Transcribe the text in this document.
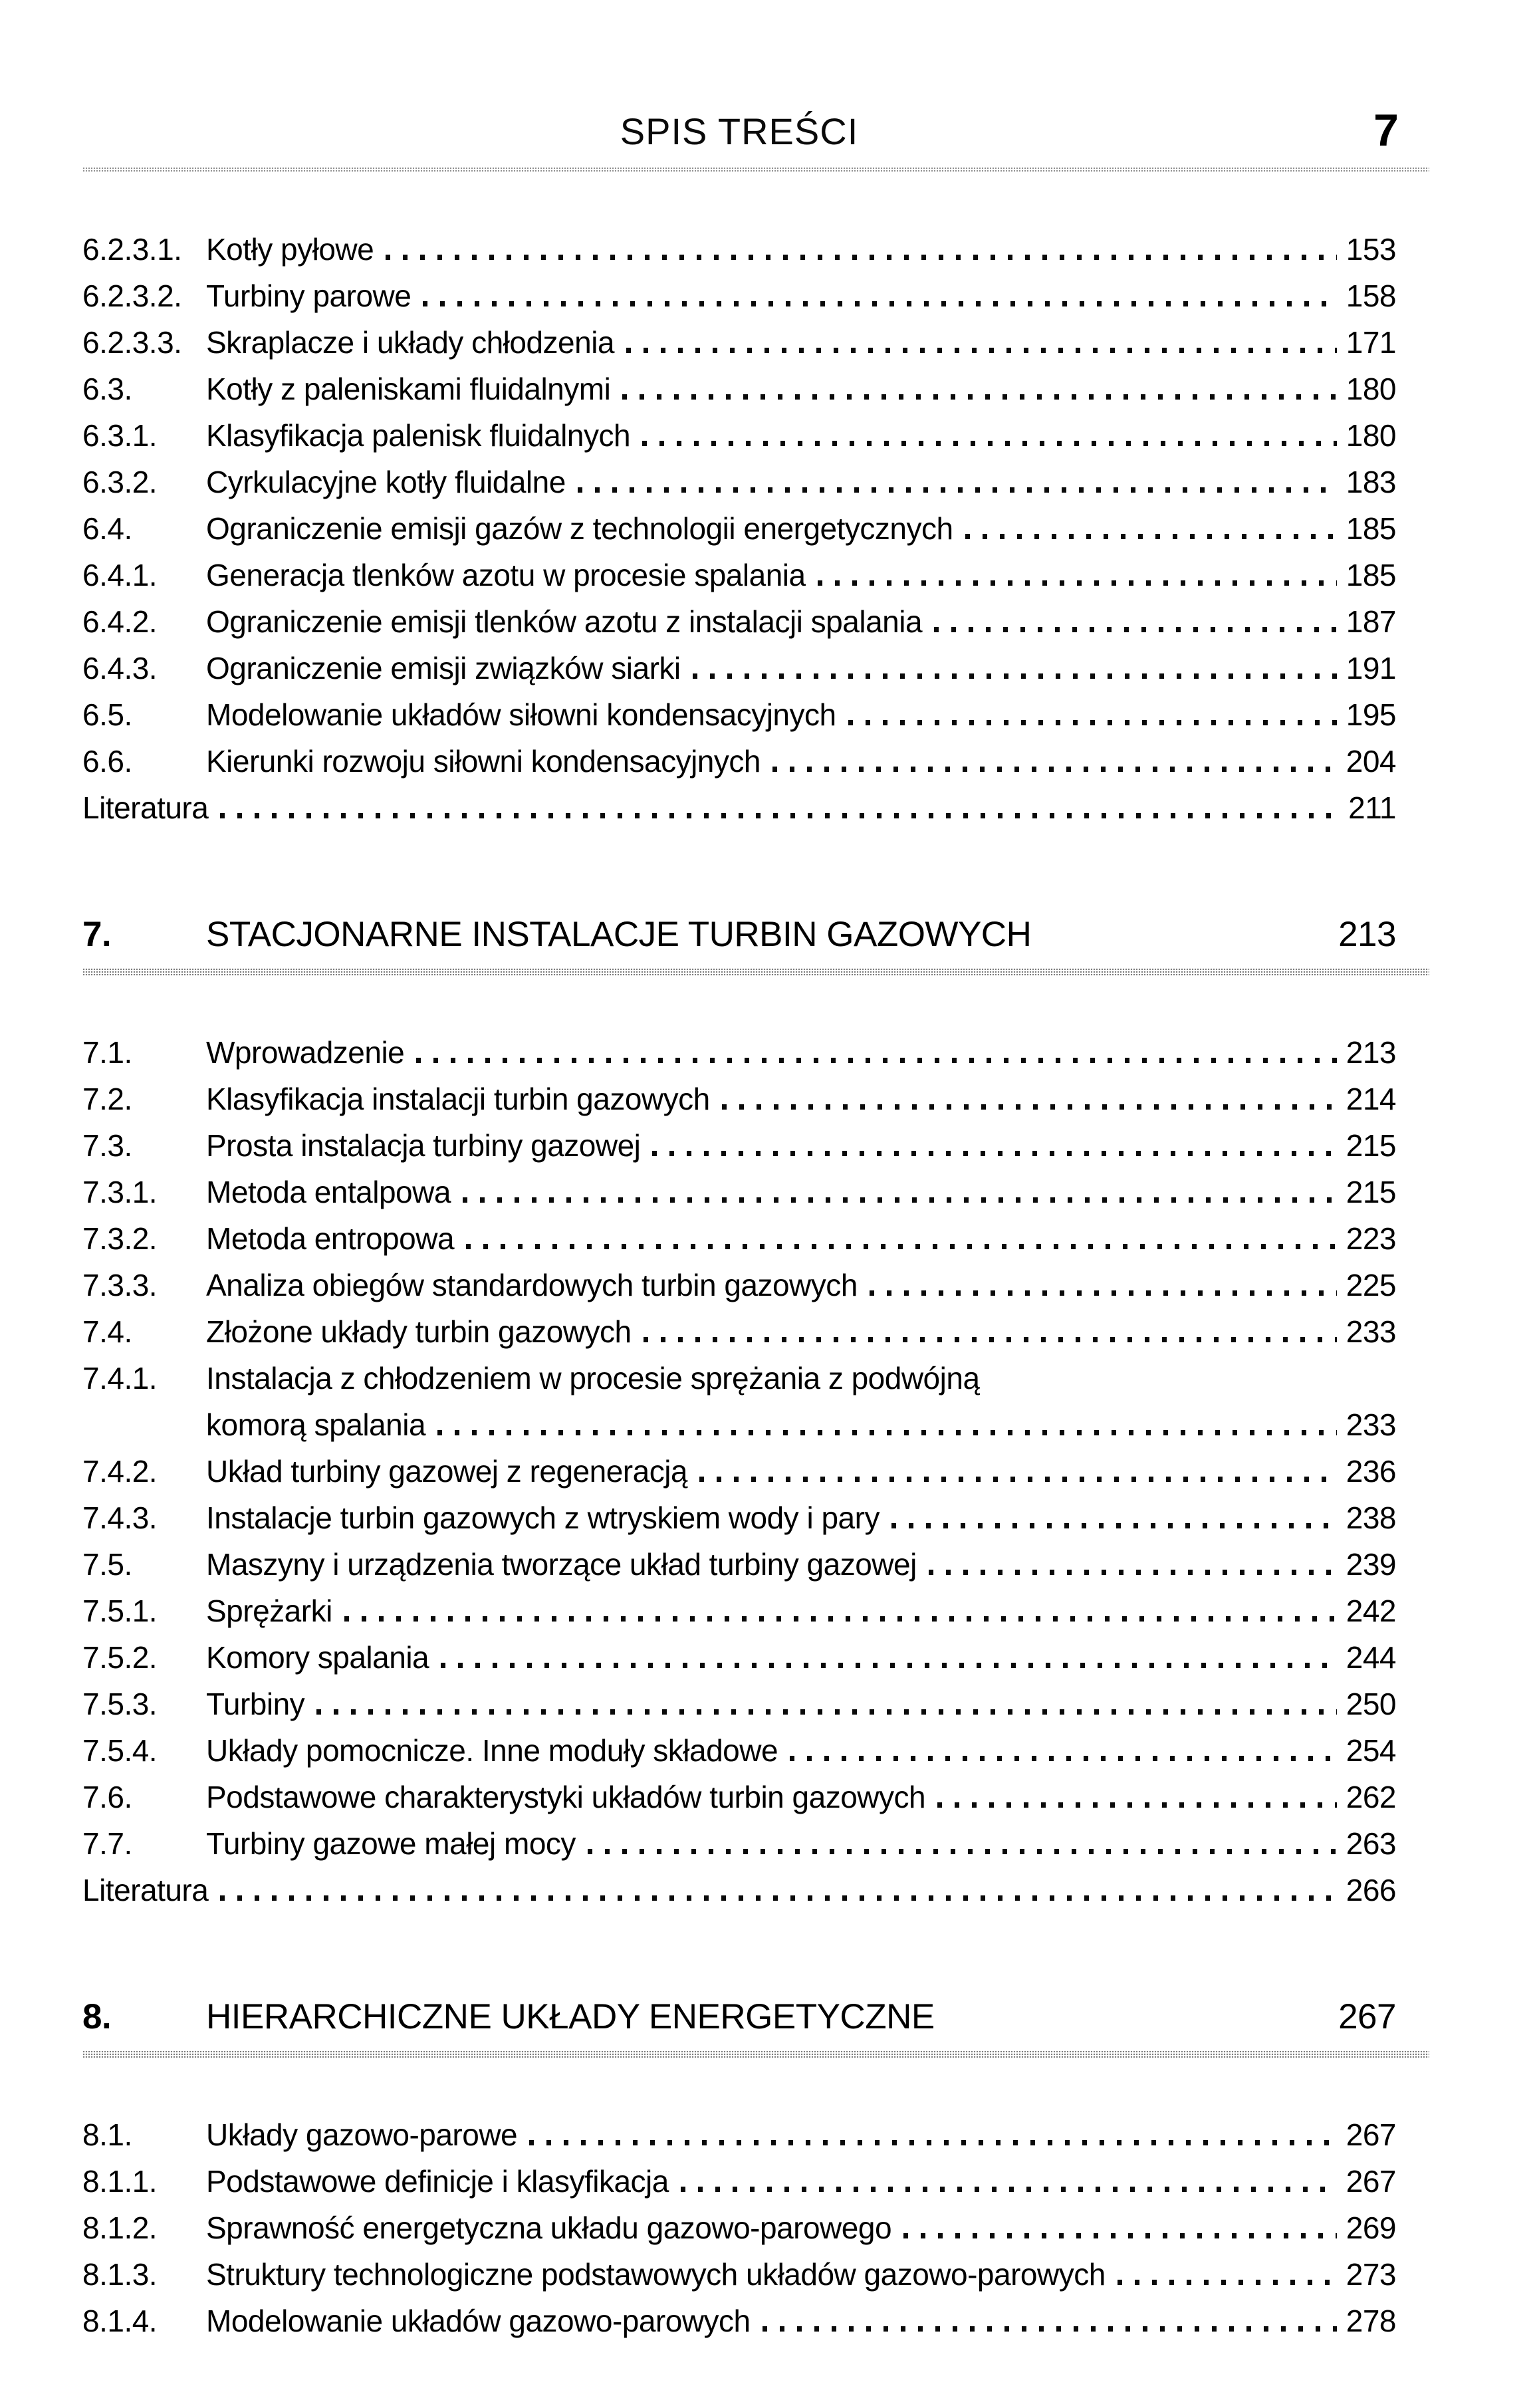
SPIS TREŚCI	7
6.2.3.1. Kotły pyłowe	153
6.2.3.2. Turbiny parowe	158
6.2.3.3. Skraplacze i układy chłodzenia	171
6.3.	Kotły z paleniskami fluidalnymi	180
6.3.1.	Klasyfikacja palenisk fluidalnych	180
6.3.2.	Cyrkulacyjne kotły fluidalne	183
6.4.	Ograniczenie emisji gazów z technologii energetycznych	185
6.4.1.	Generacja tlenków azotu w procesie spalania	185
6.4.2.	Ograniczenie emisji tlenków azotu z instalacji spalania	187
6.4.3.	Ograniczenie emisji związków siarki	191
6.5.	Modelowanie układów siłowni kondensacyjnych	195
6.6.	Kierunki rozwoju siłowni kondensacyjnych	204
Literatura	211
7.	STACJONARNE INSTALACJE TURBIN GAZOWYCH	213
7.1.	Wprowadzenie	213
7.2.	Klasyfikacja instalacji turbin gazowych	214
7.3.	Prosta instalacja turbiny gazowej	215
7.3.1.	Metoda entalpowa	215
7.3.2.	Metoda entropowa	223
7.3.3.	Analiza obiegów standardowych turbin gazowych	225
7.4.	Złożone układy turbin gazowych	233
7.4.1.	Instalacja z chłodzeniem w procesie sprężania z podwójną
komorą spalania	233
7.4.2.	Układ turbiny gazowej z regeneracją	236
7.4.3.	Instalacje turbin gazowych z wtryskiem wody i pary	238
7.5.	Maszyny i urządzenia tworzące układ turbiny gazowej	239
7.5.1.	Sprężarki	242
7.5.2.	Komory spalania	244
7.5.3.	Turbiny	250
7.5.4.	Układy pomocnicze. Inne moduły składowe	254
7.6.	Podstawowe charakterystyki układów turbin gazowych	262
7.7.	Turbiny gazowe małej mocy	263
Literatura	266
8.	HIERARCHICZNE UKŁADY ENERGETYCZNE	267
8.1.	Układy gazowo-parowe	267
8.1.1.	Podstawowe definicje i klasyfikacja	267
8.1.2.	Sprawność energetyczna układu gazowo-parowego	269
8.1.3.	Struktury technologiczne podstawowych układów gazowo-parowych	273
8.1.4.	Modelowanie układów gazowo-parowych	278
